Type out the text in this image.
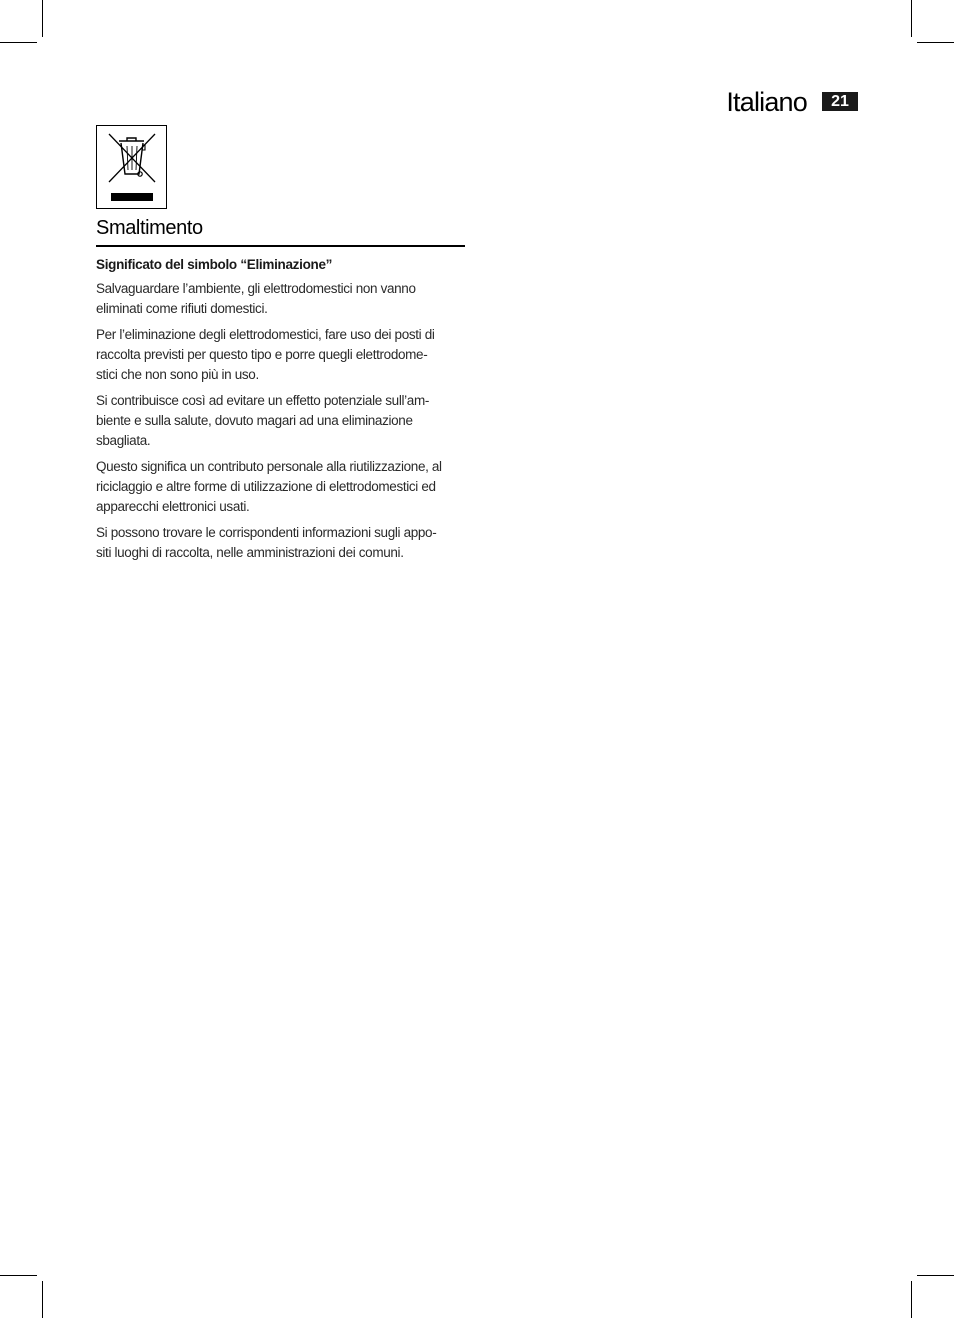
Italiano	21
Smaltimento
Significato del simbolo “Eliminazione”
Salvaguardare l’ambiente, gli elettrodomestici non vanno
eliminati come rifiuti domestici.
Per l’eliminazione degli elettrodomestici, fare uso dei posti di
raccolta previsti per questo tipo e porre quegli elettrodome-
stici che non sono più in uso.
Si contribuisce così ad evitare un effetto potenziale sull’am-
biente e sulla salute, dovuto magari ad una eliminazione
sbagliata.
Questo significa un contributo personale alla riutilizzazione, al
riciclaggio e altre forme di utilizzazione di elettrodomestici ed
apparecchi elettronici usati.
Si possono trovare le corrispondenti informazioni sugli appo-
siti luoghi di raccolta, nelle amministrazioni dei comuni.
